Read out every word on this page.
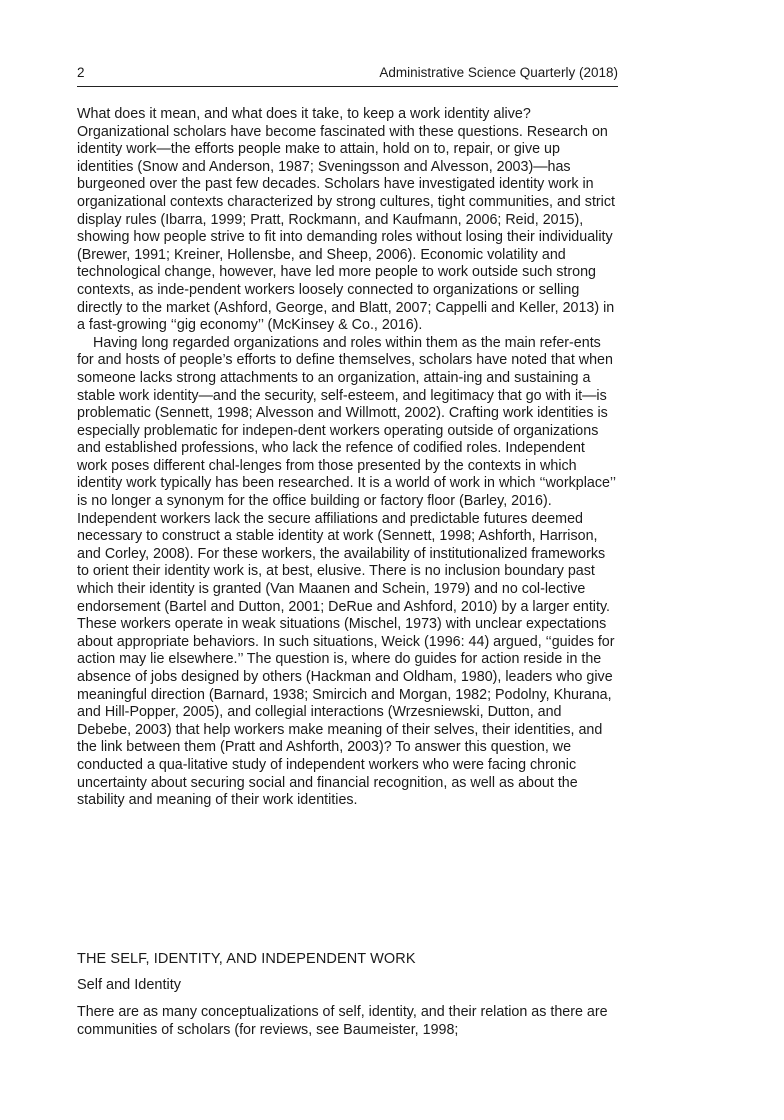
2	Administrative Science Quarterly (2018)

What does it mean, and what does it take, to keep a work identity alive? Organizational scholars have become fascinated with these questions. Research on identity work—the efforts people make to attain, hold on to, repair, or give up identities (Snow and Anderson, 1987; Sveningsson and Alvesson, 2003)—has burgeoned over the past few decades. Scholars have investigated identity work in organizational contexts characterized by strong cultures, tight communities, and strict display rules (Ibarra, 1999; Pratt, Rockmann, and Kaufmann, 2006; Reid, 2015), showing how people strive to fit into demanding roles without losing their individuality (Brewer, 1991; Kreiner, Hollensbe, and Sheep, 2006). Economic volatility and technological change, however, have led more people to work outside such strong contexts, as inde-pendent workers loosely connected to organizations or selling directly to the market (Ashford, George, and Blatt, 2007; Cappelli and Keller, 2013) in a fast-growing ‘‘gig economy’’ (McKinsey & Co., 2016).

Having long regarded organizations and roles within them as the main refer-ents for and hosts of people’s efforts to define themselves, scholars have noted that when someone lacks strong attachments to an organization, attain-ing and sustaining a stable work identity—and the security, self-esteem, and legitimacy that go with it—is problematic (Sennett, 1998; Alvesson and Willmott, 2002). Crafting work identities is especially problematic for indepen-dent workers operating outside of organizations and established professions, who lack the refence of codified roles. Independent work poses different chal-lenges from those presented by the contexts in which identity work typically has been researched. It is a world of work in which ‘‘workplace’’ is no longer a synonym for the office building or factory floor (Barley, 2016). Independent workers lack the secure affiliations and predictable futures deemed necessary to construct a stable identity at work (Sennett, 1998; Ashforth, Harrison, and Corley, 2008). For these workers, the availability of institutionalized frameworks to orient their identity work is, at best, elusive. There is no inclusion boundary past which their identity is granted (Van Maanen and Schein, 1979) and no col-lective endorsement (Bartel and Dutton, 2001; DeRue and Ashford, 2010) by a larger entity. These workers operate in weak situations (Mischel, 1973) with unclear expectations about appropriate behaviors. In such situations, Weick (1996: 44) argued, ‘‘guides for action may lie elsewhere.’’ The question is, where do guides for action reside in the absence of jobs designed by others (Hackman and Oldham, 1980), leaders who give meaningful direction (Barnard, 1938; Smircich and Morgan, 1982; Podolny, Khurana, and Hill-Popper, 2005), and collegial interactions (Wrzesniewski, Dutton, and Debebe, 2003) that help workers make meaning of their selves, their identities, and the link between them (Pratt and Ashforth, 2003)? To answer this question, we conducted a qua-litative study of independent workers who were facing chronic uncertainty about securing social and financial recognition, as well as about the stability and meaning of their work identities.

THE SELF, IDENTITY, AND INDEPENDENT WORK
Self and Identity

There are as many conceptualizations of self, identity, and their relation as there are communities of scholars (for reviews, see Baumeister, 1998;
